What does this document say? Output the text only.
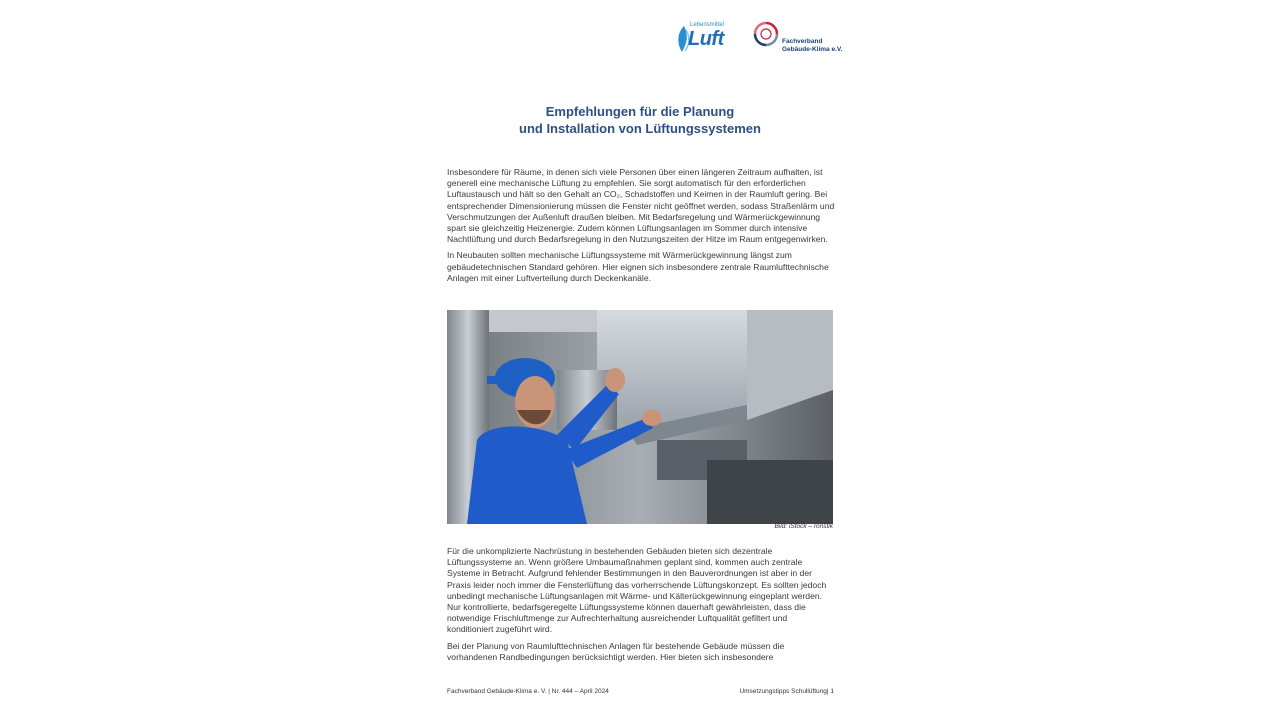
Lebensmittel
Luft	Fachverband
Gebäude-Klima e.V.
Empfehlungen für die Planung
und Installation von Lüftungssystemen

Insbesondere für Räume, in denen sich viele Personen über einen längeren Zeitraum aufhalten, ist generell eine mechanische Lüftung zu empfehlen. Sie sorgt automatisch für den erforderlichen Luftaustausch und hält so den Gehalt an CO₂, Schadstoffen und Keimen in der Raumluft gering. Bei entsprechender Dimensionierung müssen die Fenster nicht geöffnet werden, sodass Straßenlärm und Verschmutzungen der Außenluft draußen bleiben. Mit Bedarfsregelung und Wärmerückgewinnung spart sie gleichzeitig Heizenergie. Zudem können Lüftungsanlagen im Sommer durch intensive Nachtlüftung und durch Bedarfsregelung in den Nutzungszeiten der Hitze im Raum entgegenwirken.

In Neubauten sollten mechanische Lüftungssysteme mit Wärmerückgewinnung längst zum gebäudetechnischen Standard gehören. Hier eignen sich insbesondere zentrale Raumlufttechnische Anlagen mit einer Luftverteilung durch Deckenkanäle.

Bild: iStock – ronstik

Für die unkomplizierte Nachrüstung in bestehenden Gebäuden bieten sich dezentrale Lüftungssysteme an. Wenn größere Umbaumaßnahmen geplant sind, kommen auch zentrale Systeme in Betracht. Aufgrund fehlender Bestimmungen in den Bauverordnungen ist aber in der Praxis leider noch immer die Fensterlüftung das vorherrschende Lüftungskonzept. Es sollten jedoch unbedingt mechanische Lüftungsanlagen mit Wärme- und Kälterückgewinnung eingeplant werden. Nur kontrollierte, bedarfsgeregelte Lüftungssysteme können dauerhaft gewährleisten, dass die notwendige Frischluftmenge zur Aufrechterhaltung ausreichender Luftqualität gefiltert und konditioniert zugeführt wird.

Bei der Planung von Raumlufttechnischen Anlagen für bestehende Gebäude müssen die vorhandenen Randbedingungen berücksichtigt werden. Hier bieten sich insbesondere

Fachverband Gebäude-Klima e. V. | Nr. 444 – April 2024	Umsetzungstipps Schullüftung| 1
